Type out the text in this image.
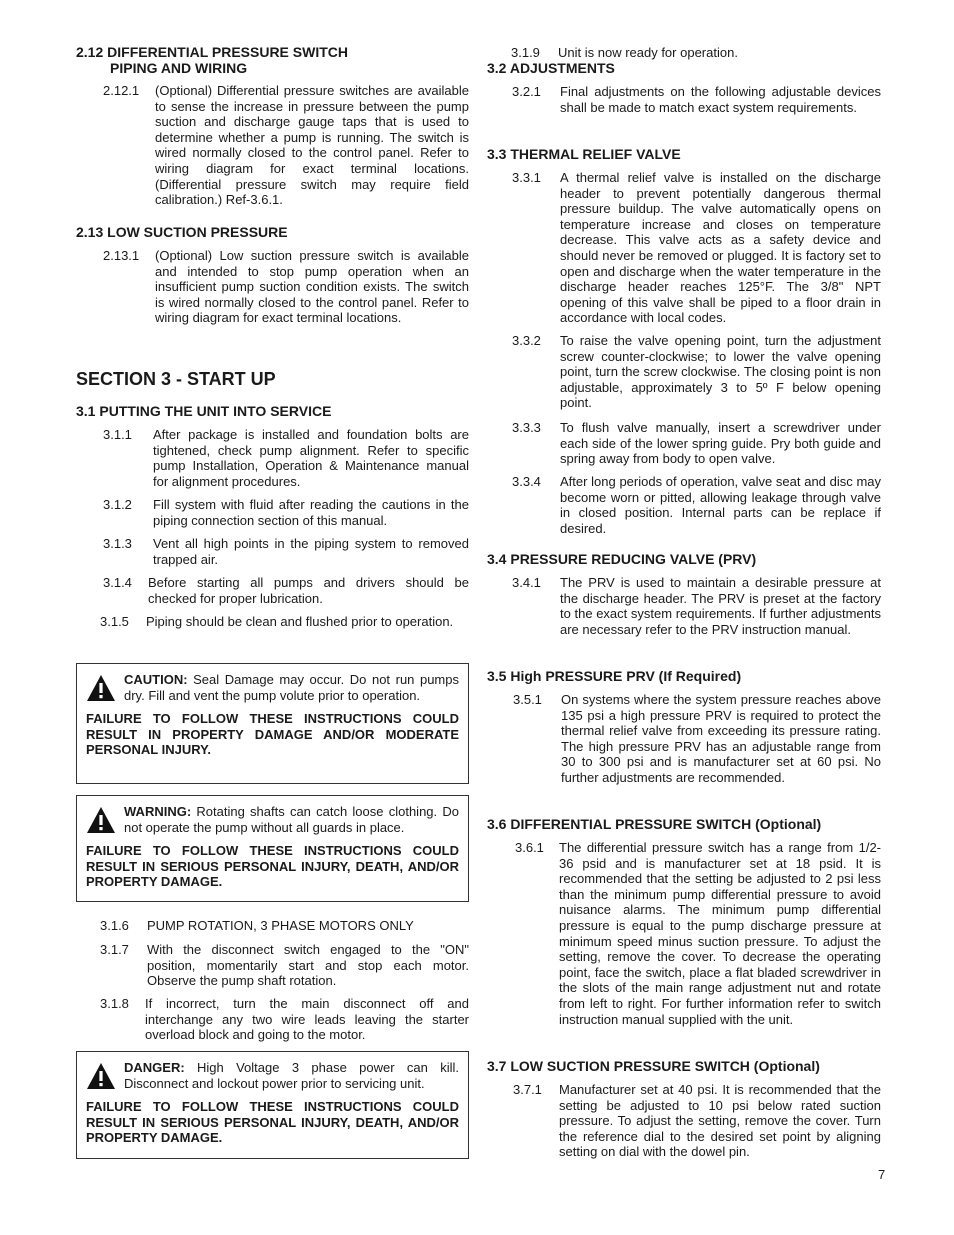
2.12 DIFFERENTIAL PRESSURE SWITCH
PIPING AND WIRING
2.12.1	(Optional) Differential pressure switches are available to sense the increase in pressure between the pump suction and discharge gauge taps that is used to determine whether a pump is running. The switch is wired normally closed to the control panel. Refer to wiring diagram for exact terminal locations. (Differential pressure switch may require field calibration.) Ref-3.6.1.
2.13 LOW SUCTION PRESSURE
2.13.1	(Optional) Low suction pressure switch is available and intended to stop pump operation when an insufficient pump suction condition exists. The switch is wired normally closed to the control panel. Refer to wiring diagram for exact terminal locations.
SECTION 3 - START UP
3.1 PUTTING THE UNIT INTO SERVICE
3.1.1	After package is installed and foundation bolts are tightened, check pump alignment. Refer to specific pump Installation, Operation & Maintenance manual for alignment procedures.
3.1.2	Fill system with fluid after reading the cautions in the piping connection section of this manual.
3.1.3	Vent all high points in the piping system to removed trapped air.
3.1.4	Before starting all pumps and drivers should be checked for proper lubrication.
3.1.5	Piping should be clean and flushed prior to operation.
CAUTION: Seal Damage may occur. Do not run pumps dry. Fill and vent the pump volute prior to operation.
FAILURE TO FOLLOW THESE INSTRUCTIONS COULD RESULT IN PROPERTY DAMAGE AND/OR MODERATE PERSONAL INJURY.
WARNING: Rotating shafts can catch loose clothing. Do not operate the pump without all guards in place.
FAILURE TO FOLLOW THESE INSTRUCTIONS COULD RESULT IN SERIOUS PERSONAL INJURY, DEATH, AND/OR PROPERTY DAMAGE.
3.1.6	PUMP ROTATION, 3 PHASE MOTORS ONLY
3.1.7	With the disconnect switch engaged to the "ON" position, momentarily start and stop each motor. Observe the pump shaft rotation.
3.1.8	If incorrect, turn the main disconnect off and interchange any two wire leads leaving the starter overload block and going to the motor.
DANGER: High Voltage 3 phase power can kill. Disconnect and lockout power prior to servicing unit.
FAILURE TO FOLLOW THESE INSTRUCTIONS COULD RESULT IN SERIOUS PERSONAL INJURY, DEATH, AND/OR PROPERTY DAMAGE.
3.1.9	Unit is now ready for operation.
3.2 ADJUSTMENTS
3.2.1	Final adjustments on the following adjustable devices shall be made to match exact system requirements.
3.3 THERMAL RELIEF VALVE
3.3.1	A thermal relief valve is installed on the discharge header to prevent potentially dangerous thermal pressure buildup. The valve automatically opens on temperature increase and closes on temperature decrease. This valve acts as a safety device and should never be removed or plugged. It is factory set to open and discharge when the water temperature in the discharge header reaches 125°F. The 3/8" NPT opening of this valve shall be piped to a floor drain in accordance with local codes.
3.3.2	To raise the valve opening point, turn the adjustment screw counter-clockwise; to lower the valve opening point, turn the screw clockwise. The closing point is non adjustable, approximately 3 to 5º F below opening point.
3.3.3	To flush valve manually, insert a screwdriver under each side of the lower spring guide. Pry both guide and spring away from body to open valve.
3.3.4	After long periods of operation, valve seat and disc may become worn or pitted, allowing leakage through valve in closed position. Internal parts can be replace if desired.
3.4 PRESSURE REDUCING VALVE (PRV)
3.4.1	The PRV is used to maintain a desirable pressure at the discharge header. The PRV is preset at the factory to the exact system requirements. If further adjustments are necessary refer to the PRV instruction manual.
3.5 High PRESSURE PRV (If Required)
3.5.1	On systems where the system pressure reaches above 135 psi a high pressure PRV is required to protect the thermal relief valve from exceeding its pressure rating. The high pressure PRV has an adjustable range from 30 to 300 psi and is manufacturer set at 60 psi. No further adjustments are recommended.
3.6 DIFFERENTIAL PRESSURE SWITCH (Optional)
3.6.1	The differential pressure switch has a range from 1/2-36 psid and is manufacturer set at 18 psid. It is recommended that the setting be adjusted to 2 psi less than the minimum pump differential pressure to avoid nuisance alarms. The minimum pump differential pressure is equal to the pump discharge pressure at minimum speed minus suction pressure. To adjust the setting, remove the cover. To decrease the operating point, face the switch, place a flat bladed screwdriver in the slots of the main range adjustment nut and rotate from left to right. For further information refer to switch instruction manual supplied with the unit.
3.7 LOW SUCTION PRESSURE SWITCH (Optional)
3.7.1	Manufacturer set at 40 psi. It is recommended that the setting be adjusted to 10 psi below rated suction pressure. To adjust the setting, remove the cover. Turn the reference dial to the desired set point by aligning setting on dial with the dowel pin.
7
